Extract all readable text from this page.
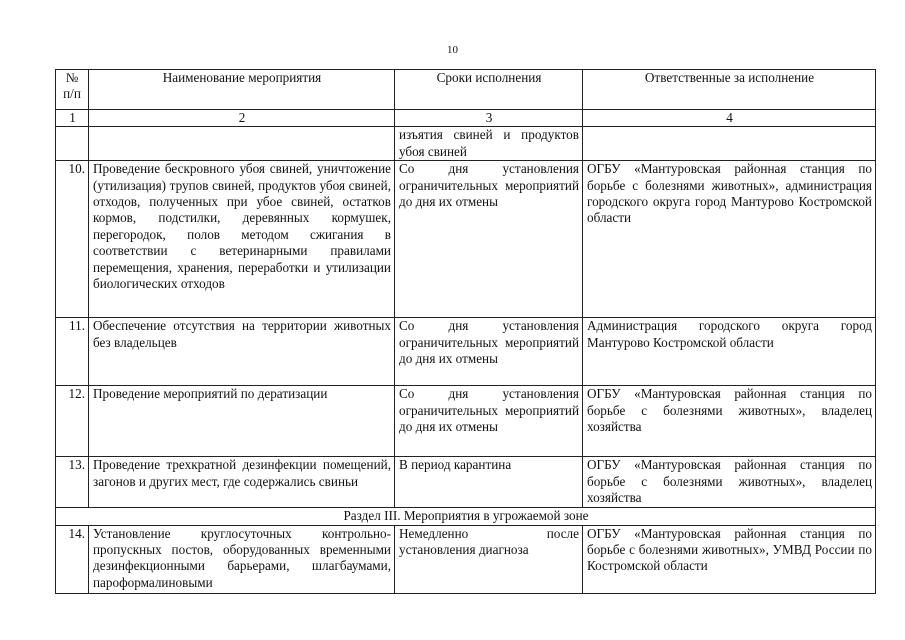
10
№ п/п	Наименование мероприятия	Сроки исполнения	Ответственные за исполнение
1	2	3	4
		изъятия свиней и продуктов убоя свиней	
10.	Проведение бескровного убоя свиней, уничтожение (утилизация) трупов свиней, продуктов убоя свиней, отходов, полученных при убое свиней, остатков кормов, подстилки, деревянных кормушек, перегородок, полов методом сжигания в соответствии с ветеринарными правилами перемещения, хранения, переработки и утилизации биологических отходов	Со дня установления ограничительных мероприятий до дня их отмены	ОГБУ «Мантуровская районная станция по борьбе с болезнями животных», администрация городского округа город Мантурово Костромской области
11.	Обеспечение отсутствия на территории животных без владельцев	Со дня установления ограничительных мероприятий до дня их отмены	Администрация городского округа город Мантурово Костромской области
12.	Проведение мероприятий по дератизации	Со дня установления ограничительных мероприятий до дня их отмены	ОГБУ «Мантуровская районная станция по борьбе с болезнями животных», владелец хозяйства
13.	Проведение трехкратной дезинфекции помещений, загонов и других мест, где содержались свиньи	В период карантина	ОГБУ «Мантуровская районная станция по борьбе с болезнями животных», владелец хозяйства
Раздел III. Мероприятия в угрожаемой зоне			
14.	Установление круглосуточных контрольно-пропускных постов, оборудованных временными дезинфекционными барьерами, шлагбаумами, пароформалиновыми	Немедленно после установления диагноза	ОГБУ «Мантуровская районная станция по борьбе с болезнями животных», УМВД России по Костромской области
